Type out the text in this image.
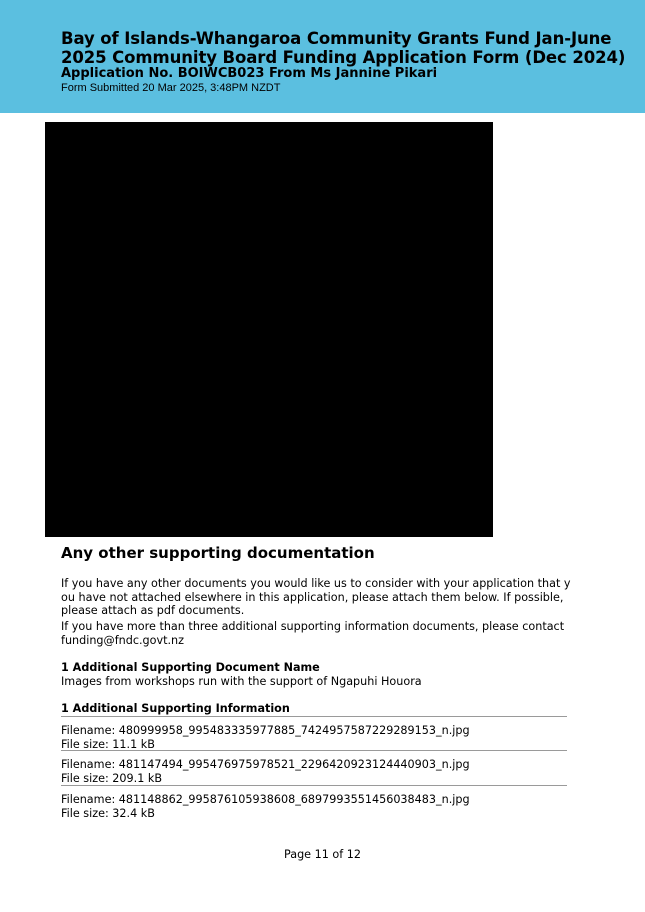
Bay of Islands-Whangaroa Community Grants Fund Jan-June 2025 Community Board Funding Application Form (Dec 2024)
Application No. BOIWCB023 From Ms Jannine Pikari
Form Submitted 20 Mar 2025, 3:48PM NZDT
Any other supporting documentation
If you have any other documents you would like us to consider with your application that you have not attached elsewhere in this application, please attach them below. If possible, please attach as pdf documents.
If you have more than three additional supporting information documents, please contact funding@fndc.govt.nz
1 Additional Supporting Document Name
Images from workshops run with the support of Ngapuhi Houora
1 Additional Supporting Information
Filename: 480999958_995483335977885_7424957587229289153_n.jpg
File size: 11.1 kB
Filename: 481147494_995476975978521_2296420923124440903_n.jpg
File size: 209.1 kB
Filename: 481148862_995876105938608_6897993551456038483_n.jpg
File size: 32.4 kB
Page 11 of 12
